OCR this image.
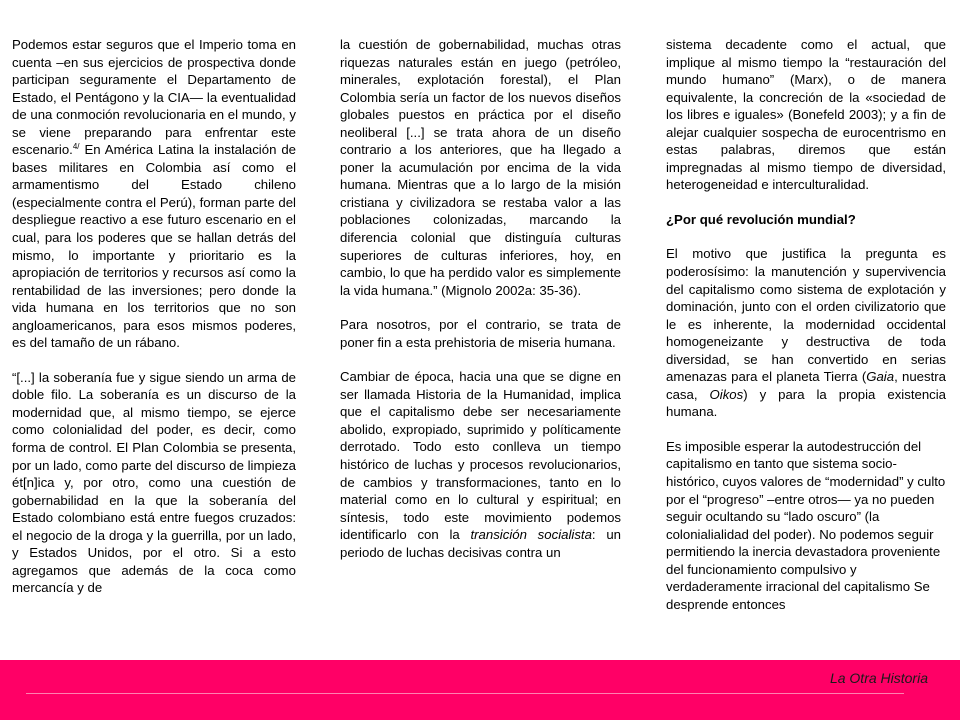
Podemos estar seguros que el Imperio toma en cuenta –en sus ejercicios de prospectiva donde participan seguramente el Departamento de Estado, el Pentágono y la CIA— la eventualidad de una conmoción revolucionaria en el mundo, y se viene preparando para enfrentar este escenario.$^{4/}$ En América Latina la instalación de bases militares en Colombia así como el armamentismo del Estado chileno (especialmente contra el Perú), forman parte del despliegue reactivo a ese futuro escenario en el cual, para los poderes que se hallan detrás del mismo, lo importante y prioritario es la apropiación de territorios y recursos así como la rentabilidad de las inversiones; pero donde la vida humana en los territorios que no son angloamericanos, para esos mismos poderes, es del tamaño de un rábano.

“[...] la soberanía fue y sigue siendo un arma de doble filo. La soberanía es un discurso de la modernidad que, al mismo tiempo, se ejerce como colonialidad del poder, es decir, como forma de control. El Plan Colombia se presenta, por un lado, como parte del discurso de limpieza ét[n]ica y, por otro, como una cuestión de gobernabilidad en la que la soberanía del Estado colombiano está entre fuegos cruzados: el negocio de la droga y la guerrilla, por un lado, y Estados Unidos, por el otro. Si a esto agregamos que además de la coca como mercancía y de

la cuestión de gobernabilidad, muchas otras riquezas naturales están en juego (petróleo, minerales, explotación forestal), el Plan Colombia sería un factor de los nuevos diseños globales puestos en práctica por el diseño neoliberal [...] se trata ahora de un diseño contrario a los anteriores, que ha llegado a poner la acumulación por encima de la vida humana. Mientras que a lo largo de la misión cristiana y civilizadora se restaba valor a las poblaciones colonizadas, marcando la diferencia colonial que distinguía culturas superiores de culturas inferiores, hoy, en cambio, lo que ha perdido valor es simplemente la vida humana.” (Mignolo 2002a: 35-36).

Para nosotros, por el contrario, se trata de poner fin a esta prehistoria de miseria humana.

Cambiar de época, hacia una que se digne en ser llamada Historia de la Humanidad, implica que el capitalismo debe ser necesariamente abolido, expropiado, suprimido y políticamente derrotado. Todo esto conlleva un tiempo histórico de luchas y procesos revolucionarios, de cambios y transformaciones, tanto en lo material como en lo cultural y espiritual; en síntesis, todo este movimiento podemos identificarlo con la transición socialista: un periodo de luchas decisivas contra un

sistema decadente como el actual, que implique al mismo tiempo la “restauración del mundo humano” (Marx), o de manera equivalente, la concreción de la «sociedad de los libres e iguales» (Bonefeld 2003); y a fin de alejar cualquier sospecha de eurocentrismo en estas palabras, diremos que están impregnadas al mismo tiempo de diversidad, heterogeneidad e interculturalidad.

¿Por qué revolución mundial?

El motivo que justifica la pregunta es poderosísimo: la manutención y supervivencia del capitalismo como sistema de explotación y dominación, junto con el orden civilizatorio que le es inherente, la modernidad occidental homogeneizante y destructiva de toda diversidad, se han convertido en serias amenazas para el planeta Tierra (Gaia, nuestra casa, Oikos) y para la propia existencia humana.

Es imposible esperar la autodestrucción del capitalismo en tanto que sistema socio-histórico, cuyos valores de “modernidad” y culto por el “progreso” –entre otros— ya no pueden seguir ocultando su “lado oscuro” (la colonialialidad del poder). No podemos seguir permitiendo la inercia devastadora proveniente del funcionamiento compulsivo y verdaderamente irracional del capitalismo Se desprende entonces

La Otra Historia
